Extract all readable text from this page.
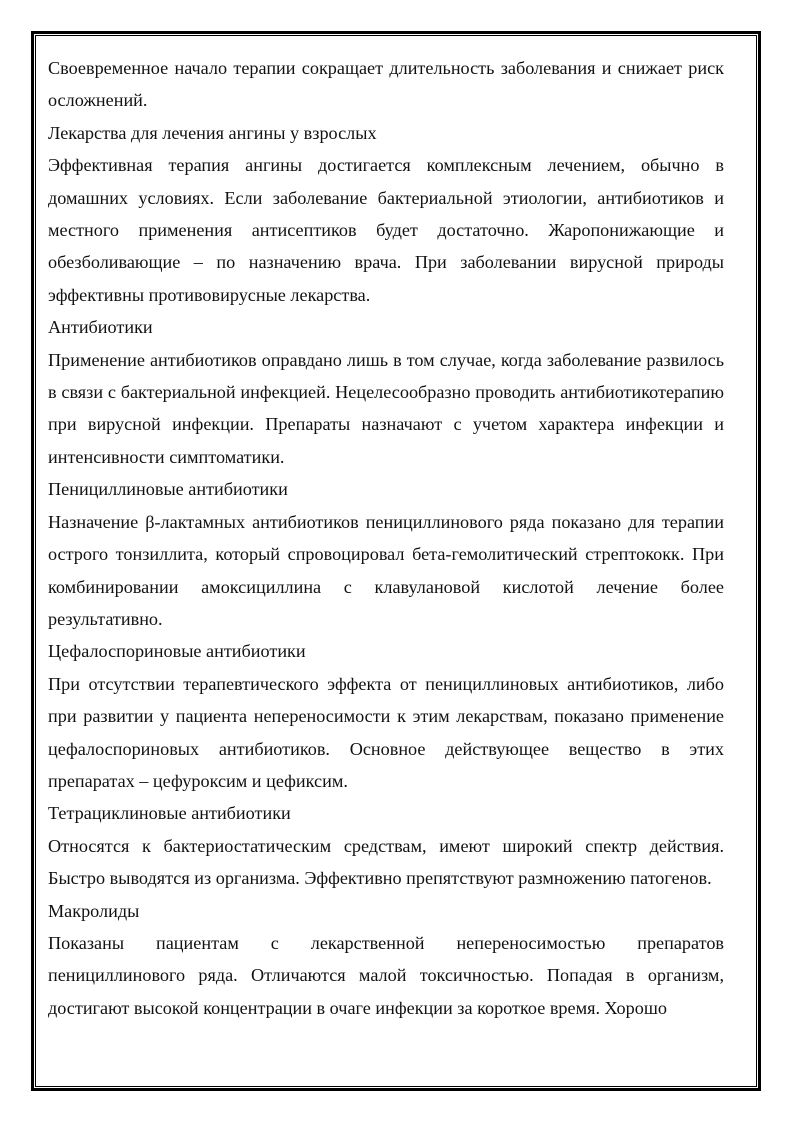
Своевременное начало терапии сокращает длительность заболевания и снижает риск осложнений.

Лекарства для лечения ангины у взрослых

Эффективная терапия ангины достигается комплексным лечением, обычно в домашних условиях. Если заболевание бактериальной этиологии, антибиотиков и местного применения антисептиков будет достаточно. Жаропонижающие и обезболивающие – по назначению врача. При заболевании вирусной природы эффективны противовирусные лекарства.

Антибиотики

Применение антибиотиков оправдано лишь в том случае, когда заболевание развилось в связи с бактериальной инфекцией. Нецелесообразно проводить антибиотикотерапию при вирусной инфекции. Препараты назначают с учетом характера инфекции и интенсивности симптоматики.

Пенициллиновые антибиотики

Назначение β-лактамных антибиотиков пенициллинового ряда показано для терапии острого тонзиллита, который спровоцировал бета-гемолитический стрептококк. При комбинировании амоксициллина с клавулановой кислотой лечение более результативно.

Цефалоспориновые антибиотики

При отсутствии терапевтического эффекта от пенициллиновых антибиотиков, либо при развитии у пациента непереносимости к этим лекарствам, показано применение цефалоспориновых антибиотиков. Основное действующее вещество в этих препаратах – цефуроксим и цефиксим.

Тетрациклиновые антибиотики

Относятся к бактериостатическим средствам, имеют широкий спектр действия. Быстро выводятся из организма. Эффективно препятствуют размножению патогенов.

Макролиды

Показаны пациентам с лекарственной непереносимостью препаратов пенициллинового ряда. Отличаются малой токсичностью. Попадая в организм, достигают высокой концентрации в очаге инфекции за короткое время. Хорошо
